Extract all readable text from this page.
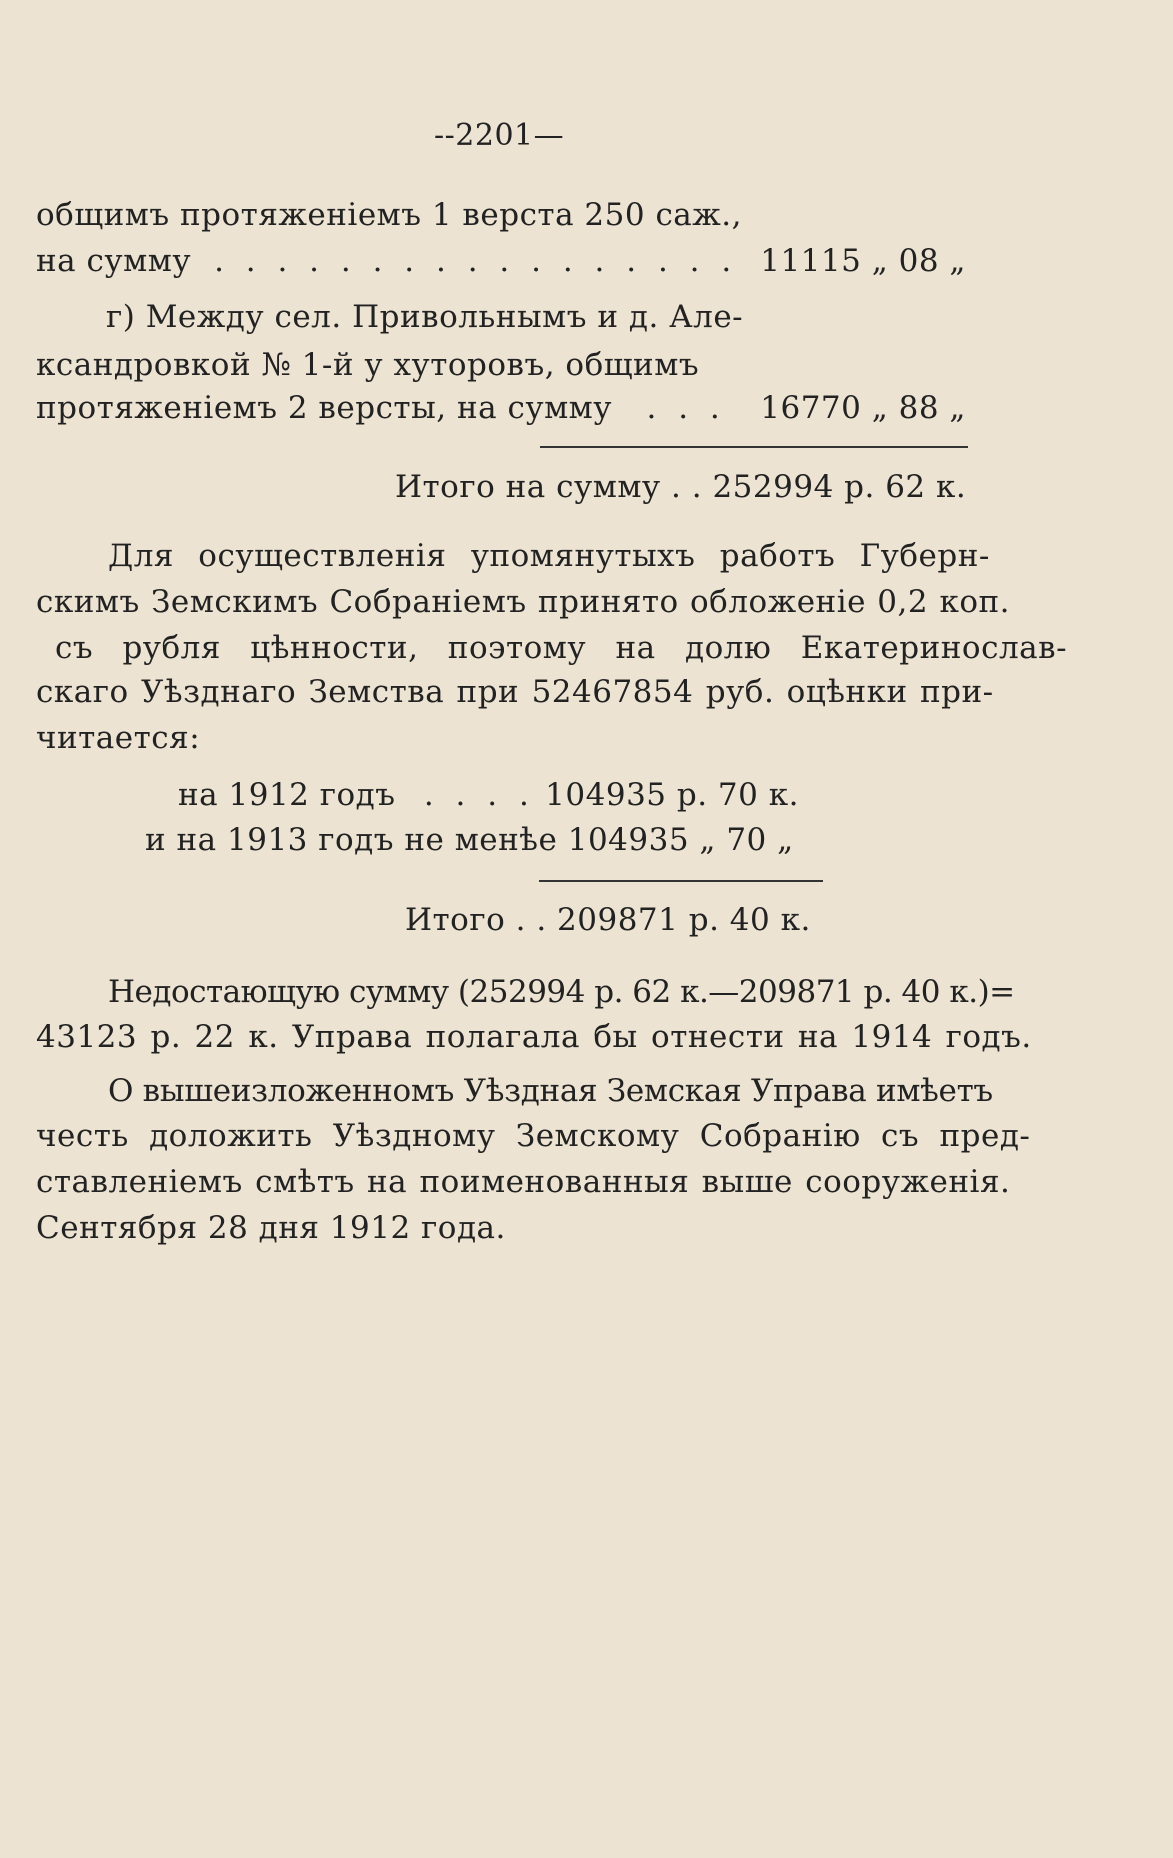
--2201—
общимъ протяженіемъ 1 верста 250 саж.,
на сумму . . . . . . . . . . . . . . . . . 11115 „ 08 „
г) Между сел. Привольнымъ и д. Але-
ксандровкой № 1-й у хуторовъ, общимъ
протяженіемъ 2 версты, на сумму . . . 16770 „ 88 „
Итого на сумму . . 252994 р. 62 к.
Для осуществленія упомянутыхъ работъ Губерн-
скимъ Земскимъ Собраніемъ принято обложеніе 0,2 коп.
съ рубля цѣнности, поэтому на долю Екатеринослав-
скаго Уѣзднаго Земства при 52467854 руб. оцѣнки при-
читается:
на 1912 годъ . . . . 104935 р. 70 к.
и на 1913 годъ не менѣе 104935 „ 70 „
Итого . . 209871 р. 40 к.
Недостающую сумму (252994 р. 62 к.—209871 р. 40 к.)=
43123 р. 22 к. Управа полагала бы отнести на 1914 годъ.
О вышеизложенномъ Уѣздная Земская Управа имѣетъ
честь доложить Уѣздному Земскому Собранію съ пред-
ставленіемъ смѣтъ на поименованныя выше сооруженія.
Сентября 28 дня 1912 года.
